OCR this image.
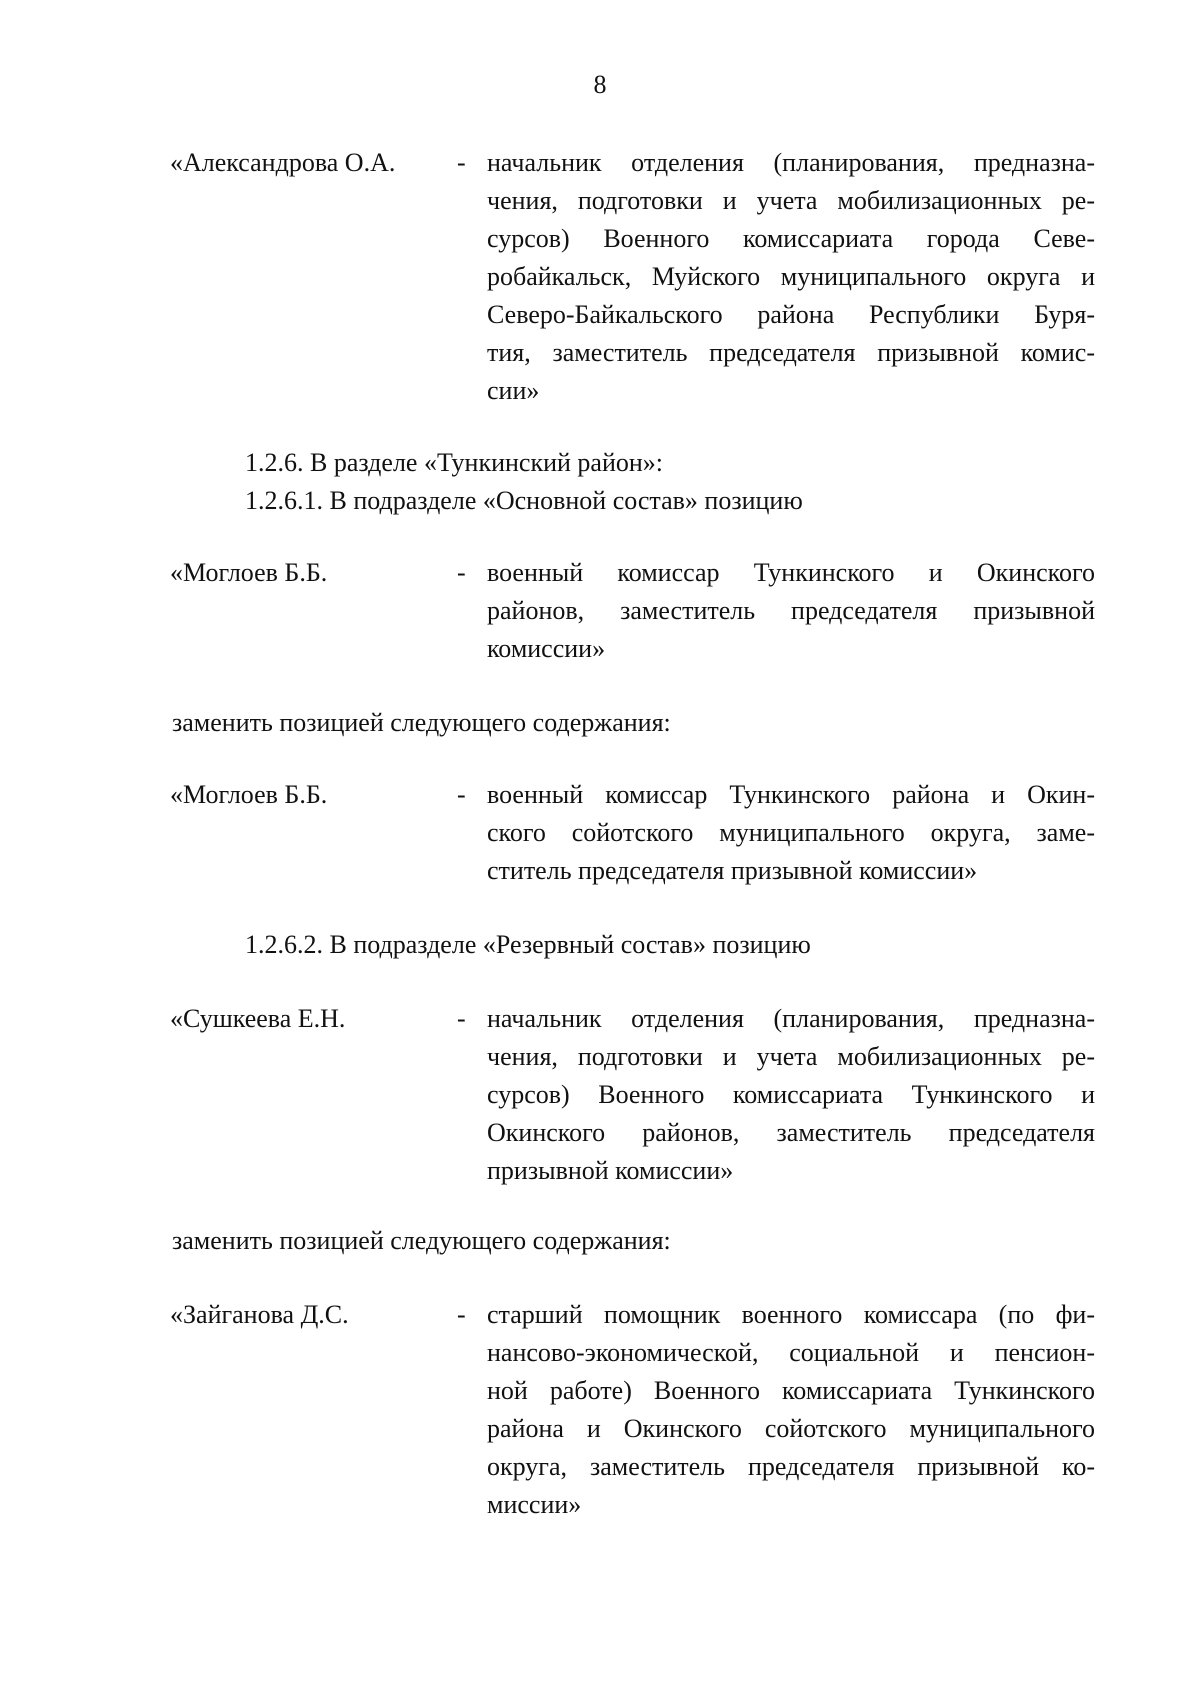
8
«Александрова О.А. - начальник отделения (планирования, предназна-
чения, подготовки и учета мобилизационных ре-
сурсов) Военного комиссариата города Севе-
робайкальск, Муйского муниципального округа и
Северо-Байкальского района Республики Буря-
тия, заместитель председателя призывной комис-
сии»

1.2.6. В разделе «Тункинский район»:

1.2.6.1. В подразделе «Основной состав» позицию

«Моглоев Б.Б.	- военный комиссар Тункинского и Окинского
районов, заместитель председателя призывной
комиссии»

заменить позицией следующего содержания:

«Моглоев Б.Б.	- военный комиссар Тункинского района и Окин-
ского сойотского муниципального округа, заме-
ститель председателя призывной комиссии»

1.2.6.2. В подразделе «Резервный состав» позицию

«Сушкеева Е.Н.	- начальник отделения (планирования, предназна-
чения, подготовки и учета мобилизационных ре-
сурсов) Военного комиссариата Тункинского и
Окинского районов, заместитель председателя
призывной комиссии»

заменить позицией следующего содержания:

«Зайганова Д.С.	- старший помощник военного комиссара (по фи-
нансово-экономической, социальной и пенсион-
ной работе) Военного комиссариата Тункинского
района и Окинского сойотского муниципального
округа, заместитель председателя призывной ко-
миссии»
